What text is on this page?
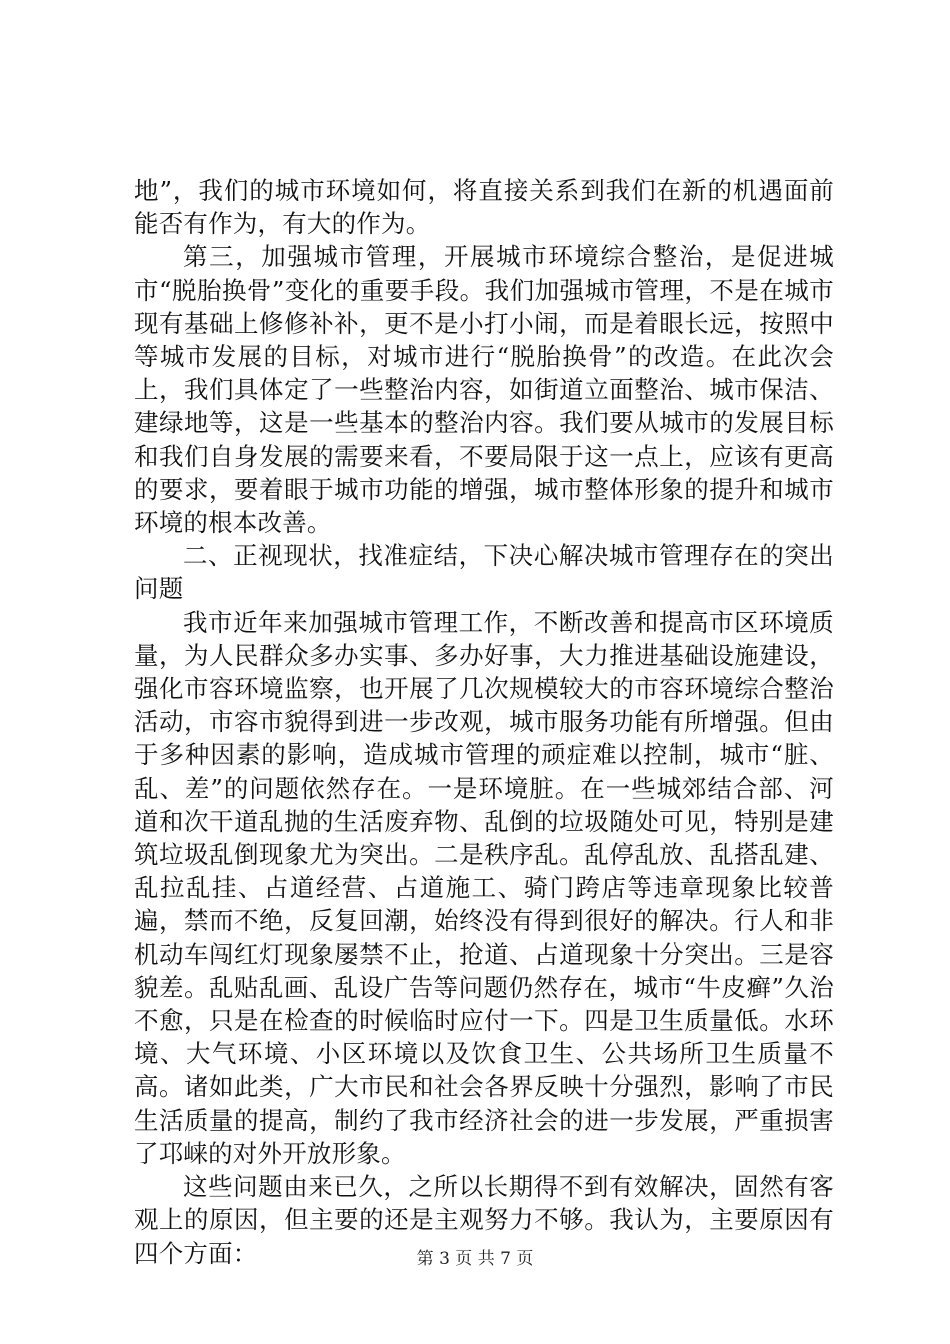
地”，我们的城市环境如何，将直接关系到我们在新的机遇面前能否有作为，有大的作为。

第三，加强城市管理，开展城市环境综合整治，是促进城市“脱胎换骨”变化的重要手段。我们加强城市管理，不是在城市现有基础上修修补补，更不是小打小闹，而是着眼长远，按照中等城市发展的目标，对城市进行“脱胎换骨”的改造。在此次会上，我们具体定了一些整治内容，如街道立面整治、城市保洁、建绿地等，这是一些基本的整治内容。我们要从城市的发展目标和我们自身发展的需要来看，不要局限于这一点上，应该有更高的要求，要着眼于城市功能的增强，城市整体形象的提升和城市环境的根本改善。

二、正视现状，找准症结，下决心解决城市管理存在的突出问题

我市近年来加强城市管理工作，不断改善和提高市区环境质量，为人民群众多办实事、多办好事，大力推进基础设施建设，强化市容环境监察，也开展了几次规模较大的市容环境综合整治活动，市容市貌得到进一步改观，城市服务功能有所增强。但由于多种因素的影响，造成城市管理的顽症难以控制，城市“脏、乱、差”的问题依然存在。一是环境脏。在一些城郊结合部、河道和次干道乱抛的生活废弃物、乱倒的垃圾随处可见，特别是建筑垃圾乱倒现象尤为突出。二是秩序乱。乱停乱放、乱搭乱建、乱拉乱挂、占道经营、占道施工、骑门跨店等违章现象比较普遍，禁而不绝，反复回潮，始终没有得到很好的解决。行人和非机动车闯红灯现象屡禁不止，抢道、占道现象十分突出。三是容貌差。乱贴乱画、乱设广告等问题仍然存在，城市“牛皮癣”久治不愈，只是在检查的时候临时应付一下。四是卫生质量低。水环境、大气环境、小区环境以及饮食卫生、公共场所卫生质量不高。诸如此类，广大市民和社会各界反映十分强烈，影响了市民生活质量的提高，制约了我市经济社会的进一步发展，严重损害了邛崃的对外开放形象。

这些问题由来已久，之所以长期得不到有效解决，固然有客观上的原因，但主要的还是主观努力不够。我认为，主要原因有四个方面：	第 3 页 共 7 页
